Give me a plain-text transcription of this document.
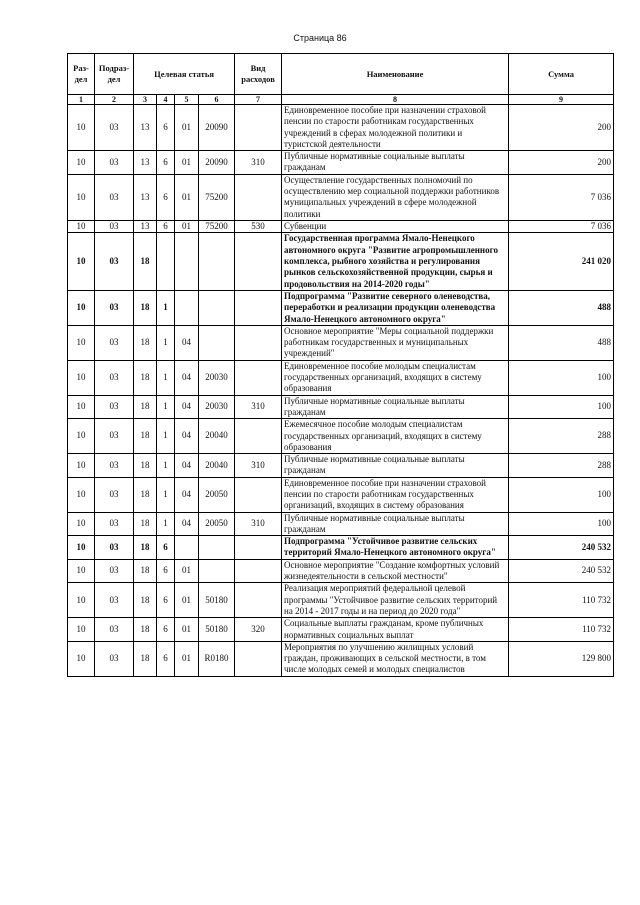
Страница 86
Раз-дел	Подраз-дел	Целевая статья				Вид расходов	Наименование	Сумма
1	2	3	4	5	6	7	8	9
10	03	13	6	01	20090		Единовременное пособие при назначении страховой пенсии по старости работникам государственных учреждений в сферах молодежной политики и туристской деятельности	200
10	03	13	6	01	20090	310	Публичные нормативные социальные выплаты гражданам	200
10	03	13	6	01	75200		Осуществление государственных полномочий по осуществлению мер социальной поддержки работников муниципальных учреждений в сфере молодежной политики	7 036
10	03	13	6	01	75200	530	Субвенции	7 036
10	03	18					Государственная программа Ямало-Ненецкого автономного округа "Развитие агропромышленного комплекса, рыбного хозяйства и регулирования рынков сельскохозяйственной продукции, сырья и продовольствия на 2014-2020 годы"	241 020
10	03	18	1				Подпрограмма "Развитие северного оленеводства, переработки и реализации продукции оленеводства Ямало-Ненецкого автономного округа"	488
10	03	18	1	04			Основное мероприятие "Меры социальной поддержки работникам государственных и муниципальных учреждений"	488
10	03	18	1	04	20030		Единовременное пособие молодым специалистам государственных организаций, входящих в систему образования	100
10	03	18	1	04	20030	310	Публичные нормативные социальные выплаты гражданам	100
10	03	18	1	04	20040		Ежемесячное пособие молодым специалистам государственных организаций, входящих в систему образования	288
10	03	18	1	04	20040	310	Публичные нормативные социальные выплаты гражданам	288
10	03	18	1	04	20050		Единовременное пособие при назначении страховой пенсии по старости работникам государственных организаций, входящих в систему образования	100
10	03	18	1	04	20050	310	Публичные нормативные социальные выплаты гражданам	100
10	03	18	6				Подпрограмма "Устойчивое развитие сельских территорий Ямало-Ненецкого автономного округа"	240 532
10	03	18	6	01			Основное мероприятие "Создание комфортных условий жизнедеятельности в сельской местности"	240 532
10	03	18	6	01	50180		Реализация мероприятий федеральной целевой программы "Устойчивое развитие сельских территорий на 2014 - 2017 годы и на период до 2020 года"	110 732
10	03	18	6	01	50180	320	Социальные выплаты гражданам, кроме публичных нормативных социальных выплат	110 732
10	03	18	6	01	R0180		Мероприятия по улучшению жилищных условий граждан, проживающих в сельской местности, в том числе молодых семей и молодых специалистов	129 800
